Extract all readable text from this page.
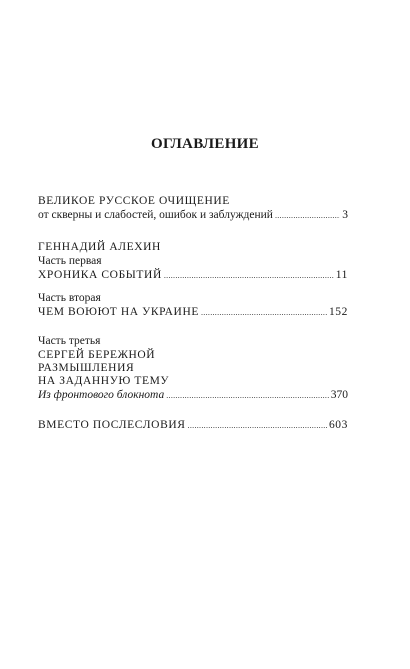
ОГЛАВЛЕНИЕ
ВЕЛИКОЕ РУССКОЕ ОЧИЩЕНИЕ
от скверны и слабостей, ошибок и заблуждений .....	3
ГЕННАДИЙ АЛЕХИН
Часть первая
ХРОНИКА СОБЫТИЙ .....	11
Часть вторая
ЧЕМ ВОЮЮТ НА УКРАИНЕ .....	152
Часть третья
СЕРГЕЙ БЕРЕЖНОЙ
РАЗМЫШЛЕНИЯ
НА ЗАДАННУЮ ТЕМУ
Из фронтового блокнота .....	370
ВМЕСТО ПОСЛЕСЛОВИЯ .....	603
